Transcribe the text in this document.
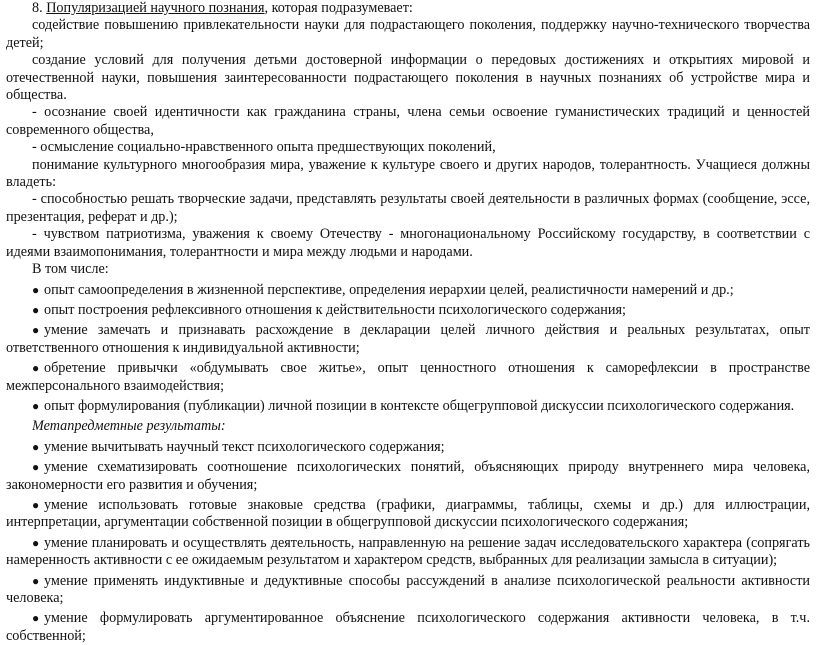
8. Популяризацией научного познания, которая подразумевает:

содействие повышению привлекательности науки для подрастающего поколения, поддержку научно-технического творчества детей;

создание условий для получения детьми достоверной информации о передовых достижениях и открытиях мировой и отечественной науки, повышения заинтересованности подрастающего поколения в научных познаниях об устройстве мира и общества.

- осознание своей идентичности как гражданина страны, члена семьи освоение гуманистических традиций и ценностей современного общества,

- осмысление социально-нравственного опыта предшествующих поколений,

понимание культурного многообразия мира, уважение к культуре своего и других народов, толерантность. Учащиеся должны владеть:

- способностью решать творческие задачи, представлять результаты своей деятельности в различных формах (сообщение, эссе, презентация, реферат и др.);

- чувством патриотизма, уважения к своему Отечеству - многонациональному Российскому государству, в соответствии с идеями взаимопонимания, толерантности и мира между людьми и народами.

В том числе:

● опыт самоопределения в жизненной перспективе, определения иерархии целей, реалистичности намерений и др.;

● опыт построения рефлексивного отношения к действительности психологического содержания;

● умение замечать и признавать расхождение в декларации целей личного действия и реальных результатах, опыт ответственного отношения к индивидуальной активности;

● обретение привычки «обдумывать свое житье», опыт ценностного отношения к саморефлексии в пространстве межперсонального взаимодействия;

● опыт формулирования (публикации) личной позиции в контексте общегрупповой дискуссии психологического содержания.

Метапредметные результаты:

● умение вычитывать научный текст психологического содержания;

● умение схематизировать соотношение психологических понятий, объясняющих природу внутреннего мира человека, закономерности его развития и обучения;

● умение использовать готовые знаковые средства (графики, диаграммы, таблицы, схемы и др.) для иллюстрации, интерпретации, аргументации собственной позиции в общегрупповой дискуссии психологического содержания;

● умение планировать и осуществлять деятельность, направленную на решение задач исследовательского характера (сопрягать намеренность активности с ее ожидаемым результатом и характером средств, выбранных для реализации замысла в ситуации);

● умение применять индуктивные и дедуктивные способы рассуждений в анализе психологической реальности активности человека;

● умение формулировать аргументированное объяснение психологического содержания активности человека, в т.ч. собственной;
